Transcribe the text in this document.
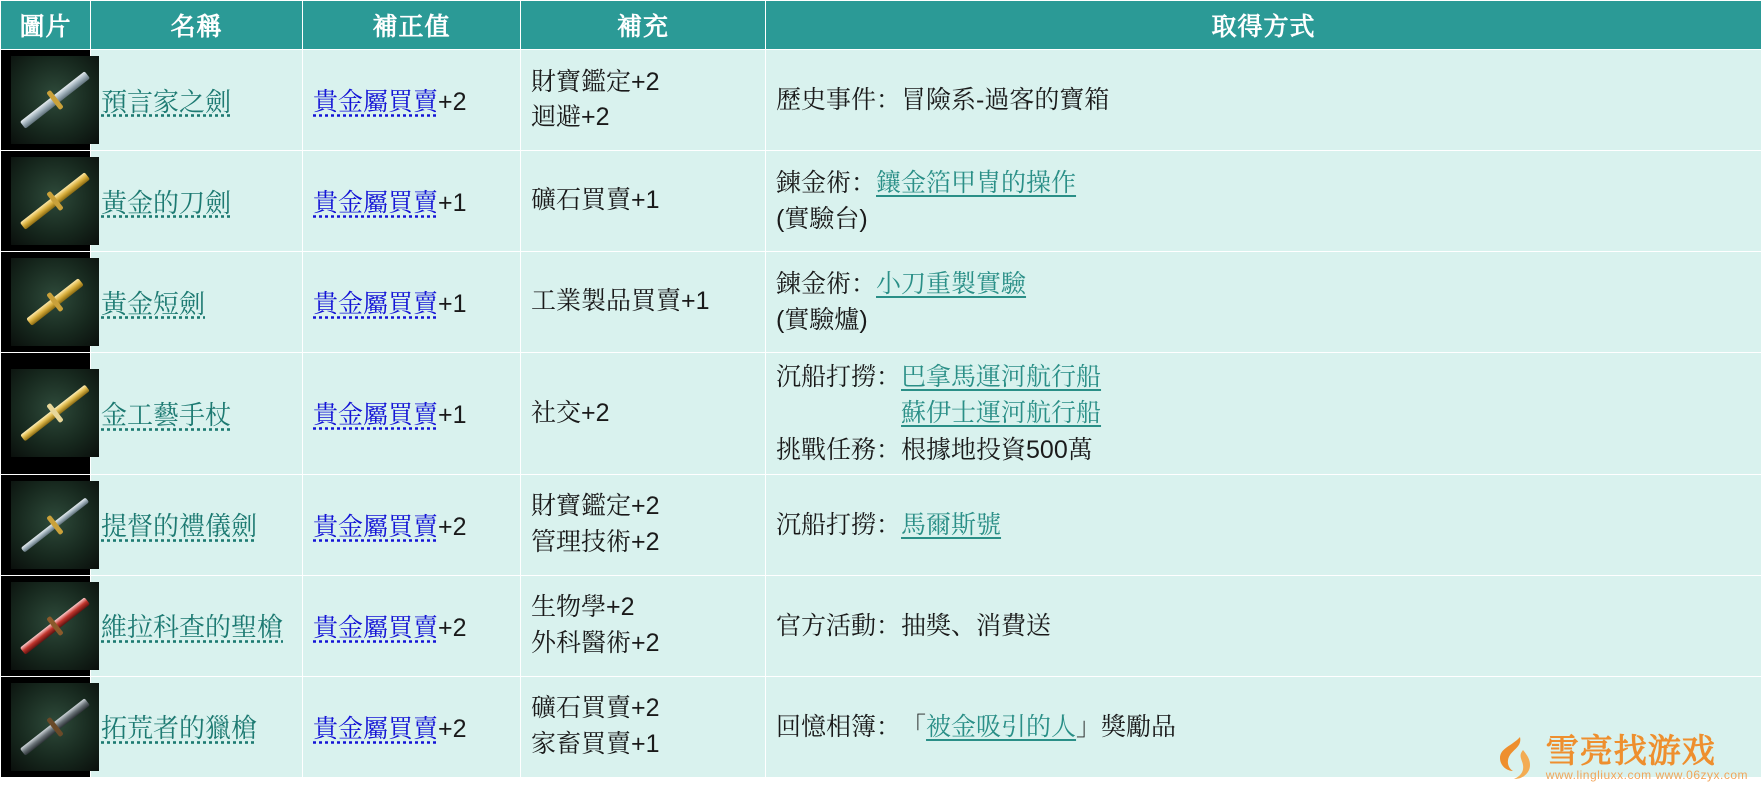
圖片	名稱	補正值	補充	取得方式

	預言家之劍	貴金屬買賣+2	財寶鑑定+2
迴避+2	歷史事件： 冒險系-過客的寶箱

	黃金的刀劍	貴金屬買賣+1	礦石買賣+1	鍊金術： 鑲金箔甲冑的操作
(實驗台)

	黃金短劍	貴金屬買賣+1	工業製品買賣+1	鍊金術： 小刀重製實驗
(實驗爐)

	金工藝手杖	貴金屬買賣+1	社交+2	沉船打撈： 巴拿馬運河航行船
蘇伊士運河航行船
挑戰任務： 根據地投資500萬

	提督的禮儀劍	貴金屬買賣+2	財寶鑑定+2
管理技術+2	沉船打撈： 馬爾斯號

	維拉科查的聖槍	貴金屬買賣+2	生物學+2
外科醫術+2	官方活動： 抽獎、消費送

	拓荒者的獵槍	貴金屬買賣+2	礦石買賣+2
家畜買賣+1	回憶相簿： 「 被金吸引的人 」獎勵品
雪亮找游戏
www.lingliuxx.com www.06zyx.com
